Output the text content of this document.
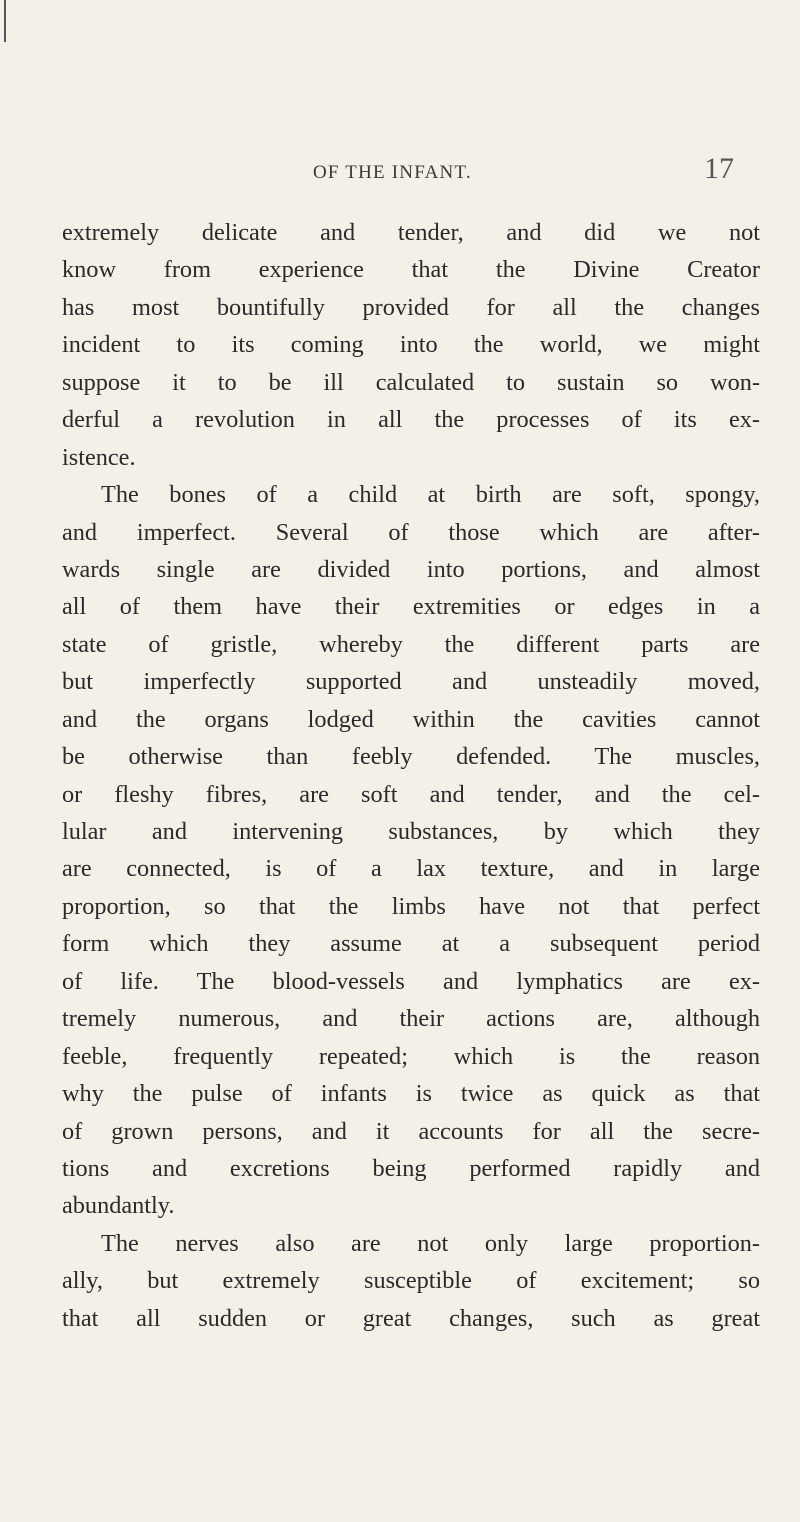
OF THE INFANT.	17
extremely delicate and tender, and did we not
know from experience that the Divine Creator
has most bountifully provided for all the changes
incident to its coming into the world, we might
suppose it to be ill calculated to sustain so won-
derful a revolution in all the processes of its ex-
istence.
The bones of a child at birth are soft, spongy,
and imperfect. Several of those which are after-
wards single are divided into portions, and almost
all of them have their extremities or edges in a
state of gristle, whereby the different parts are
but imperfectly supported and unsteadily moved,
and the organs lodged within the cavities cannot
be otherwise than feebly defended. The muscles,
or fleshy fibres, are soft and tender, and the cel-
lular and intervening substances, by which they
are connected, is of a lax texture, and in large
proportion, so that the limbs have not that perfect
form which they assume at a subsequent period
of life. The blood-vessels and lymphatics are ex-
tremely numerous, and their actions are, although
feeble, frequently repeated; which is the reason
why the pulse of infants is twice as quick as that
of grown persons, and it accounts for all the secre-
tions and excretions being performed rapidly and
abundantly.
The nerves also are not only large proportion-
ally, but extremely susceptible of excitement; so
that all sudden or great changes, such as great
